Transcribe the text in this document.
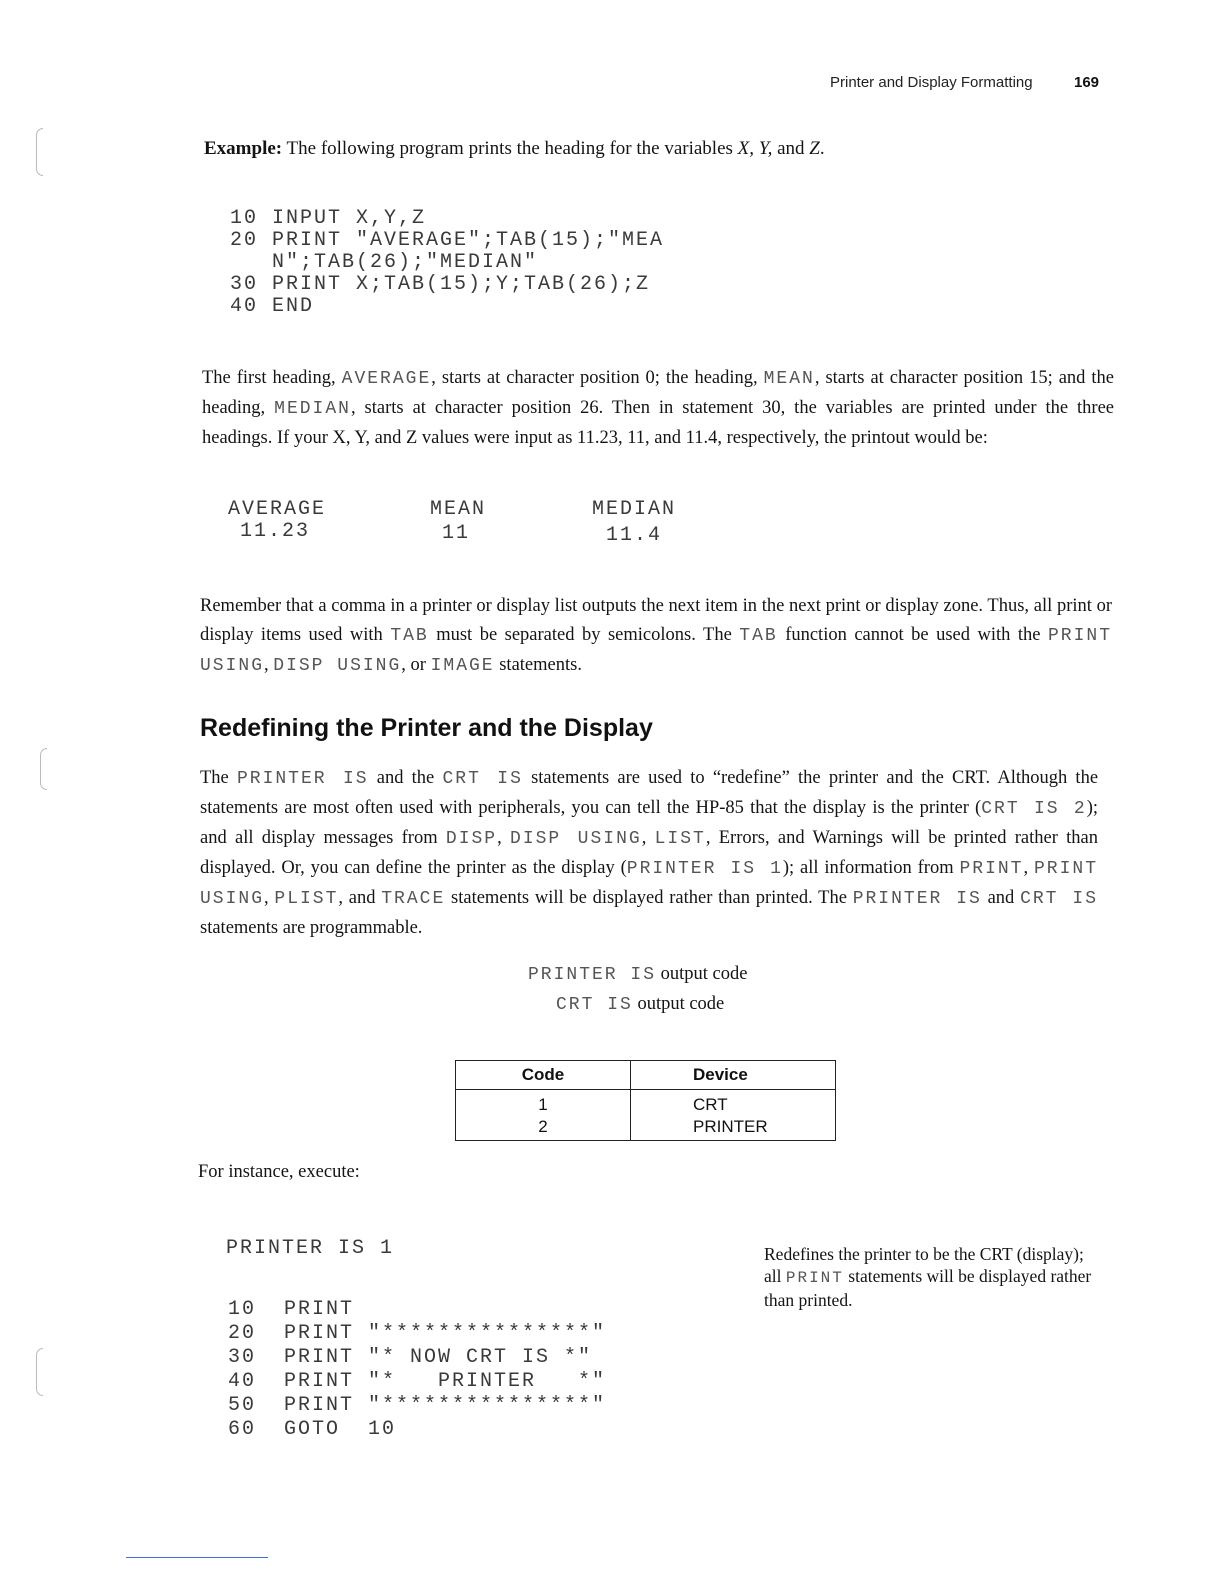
Printer and Display Formatting	169
Example: The following program prints the heading for the variables X, Y, and Z.
10 INPUT X,Y,Z
20 PRINT "AVERAGE";TAB(15);"MEA
N";TAB(26);"MEDIAN"
30 PRINT X;TAB(15);Y;TAB(26);Z
40 END
The first heading, AVERAGE, starts at character position 0; the heading, MEAN, starts at character position 15; and the heading, MEDIAN, starts at character position 26. Then in statement 30, the variables are printed under the three headings. If your X, Y, and Z values were input as 11.23, 11, and 11.4, respectively, the printout would be:
AVERAGE	MEAN	MEDIAN
11.23	11	11.4
Remember that a comma in a printer or display list outputs the next item in the next print or display zone. Thus, all print or display items used with TAB must be separated by semicolons. The TAB function cannot be used with the PRINT USING, DISP USING, or IMAGE statements.
Redefining the Printer and the Display
The PRINTER IS and the CRT IS statements are used to “redefine” the printer and the CRT. Although the statements are most often used with peripherals, you can tell the HP-85 that the display is the printer (CRT IS 2); and all display messages from DISP, DISP USING, LIST, Errors, and Warnings will be printed rather than displayed. Or, you can define the printer as the display (PRINTER IS 1); all information from PRINT, PRINT USING, PLIST, and TRACE statements will be displayed rather than printed. The PRINTER IS and CRT IS statements are programmable.
PRINTER IS output code
CRT IS output code
Code	Device
1	CRT
2	PRINTER
For instance, execute:
PRINTER IS 1
10  PRINT
20  PRINT "***************"
30  PRINT "* NOW CRT IS *"
40  PRINT "*   PRINTER   *"
50  PRINT "***************"
60  GOTO  10
Redefines the printer to be the CRT (display); all PRINT statements will be displayed rather than printed.
